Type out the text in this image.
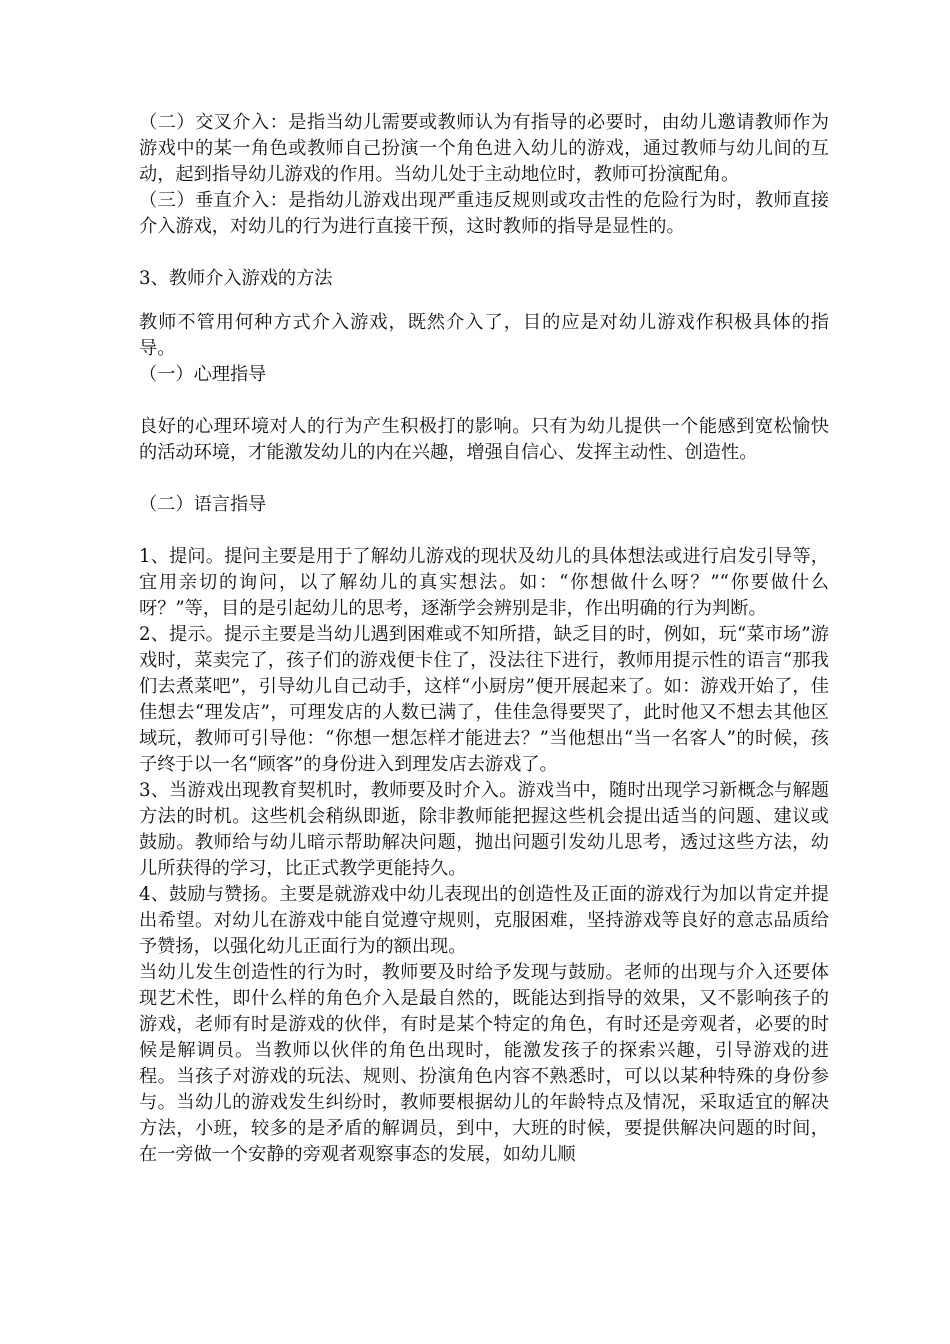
（二）交叉介入：是指当幼儿需要或教师认为有指导的必要时，由幼儿邀请教师作为游戏中的某一角色或教师自己扮演一个角色进入幼儿的游戏，通过教师与幼儿间的互动，起到指导幼儿游戏的作用。当幼儿处于主动地位时，教师可扮演配角。

（三）垂直介入：是指幼儿游戏出现严重违反规则或攻击性的危险行为时，教师直接介入游戏，对幼儿的行为进行直接干预，这时教师的指导是显性的。

3、教师介入游戏的方法

教师不管用何种方式介入游戏，既然介入了，目的应是对幼儿游戏作积极具体的指导。

（一）心理指导

良好的心理环境对人的行为产生积极打的影响。只有为幼儿提供一个能感到宽松愉快的活动环境，才能激发幼儿的内在兴趣，增强自信心、发挥主动性、创造性。

（二）语言指导

1、提问。提问主要是用于了解幼儿游戏的现状及幼儿的具体想法或进行启发引导等，宜用亲切的询问，以了解幼儿的真实想法。如：“你想做什么呀？”“你要做什么呀？”等，目的是引起幼儿的思考，逐渐学会辨别是非，作出明确的行为判断。

2、提示。提示主要是当幼儿遇到困难或不知所措，缺乏目的时，例如，玩“菜市场”游戏时，菜卖完了，孩子们的游戏便卡住了，没法往下进行，教师用提示性的语言“那我们去煮菜吧”，引导幼儿自己动手，这样“小厨房”便开展起来了。如：游戏开始了，佳佳想去“理发店”，可理发店的人数已满了，佳佳急得要哭了，此时他又不想去其他区域玩，教师可引导他：“你想一想怎样才能进去？”当他想出“当一名客人”的时候，孩子终于以一名“顾客”的身份进入到理发店去游戏了。

3、当游戏出现教育契机时，教师要及时介入。游戏当中，随时出现学习新概念与解题方法的时机。这些机会稍纵即逝，除非教师能把握这些机会提出适当的问题、建议或鼓励。教师给与幼儿暗示帮助解决问题，抛出问题引发幼儿思考，透过这些方法，幼儿所获得的学习，比正式教学更能持久。

4、鼓励与赞扬。主要是就游戏中幼儿表现出的创造性及正面的游戏行为加以肯定并提出希望。对幼儿在游戏中能自觉遵守规则，克服困难，坚持游戏等良好的意志品质给予赞扬，以强化幼儿正面行为的额出现。

当幼儿发生创造性的行为时，教师要及时给予发现与鼓励。老师的出现与介入还要体现艺术性，即什么样的角色介入是最自然的，既能达到指导的效果，又不影响孩子的游戏，老师有时是游戏的伙伴，有时是某个特定的角色，有时还是旁观者，必要的时候是解调员。当教师以伙伴的角色出现时，能激发孩子的探索兴趣，引导游戏的进程。当孩子对游戏的玩法、规则、扮演角色内容不熟悉时，可以以某种特殊的身份参与。当幼儿的游戏发生纠纷时，教师要根据幼儿的年龄特点及情况，采取适宜的解决方法，小班，较多的是矛盾的解调员，到中，大班的时候，要提供解决问题的时间，在一旁做一个安静的旁观者观察事态的发展，如幼儿顺
